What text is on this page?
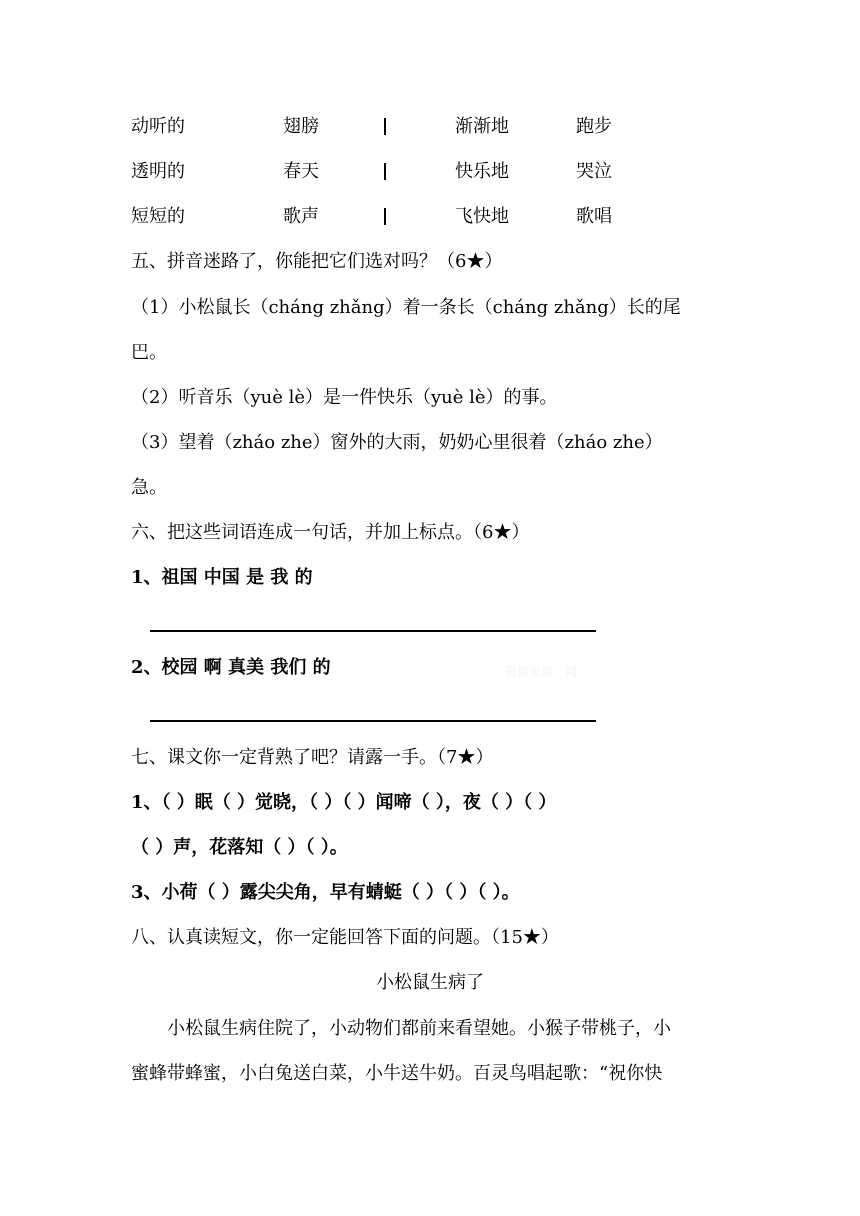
动听的	翅膀	渐渐地	跑步
透明的	春天	快乐地	哭泣
短短的	歌声	飞快地	歌唱
五、拼音迷路了，你能把它们选对吗？（6★）
（1）小松鼠长（cháng zhǎng）着一条长（cháng zhǎng）长的尾
巴。
（2）听音乐（yuè lè）是一件快乐（yuè lè）的事。
（3）望着（zháo zhe）窗外的大雨，奶奶心里很着（zháo zhe）
急。
六、把这些词语连成一句话，并加上标点。（6★）
1、祖国 中国 是 我 的
2、校园 啊 真美 我们 的	资源来源：网
七、课文你一定背熟了吧？请露一手。（7★）
1、（ ）眠（ ）觉晓，（ ）（ ）闻啼（ ），夜（ ）（ ）
（ ）声，花落知（ ）（ ）。
3、小荷（ ）露尖尖角，早有蜻蜓（ ）（ ）（ ）。
八、认真读短文，你一定能回答下面的问题。（15★）
小松鼠生病了
　　小松鼠生病住院了，小动物们都前来看望她。小猴子带桃子，小
蜜蜂带蜂蜜，小白兔送白菜，小牛送牛奶。百灵鸟唱起歌：“祝你快
